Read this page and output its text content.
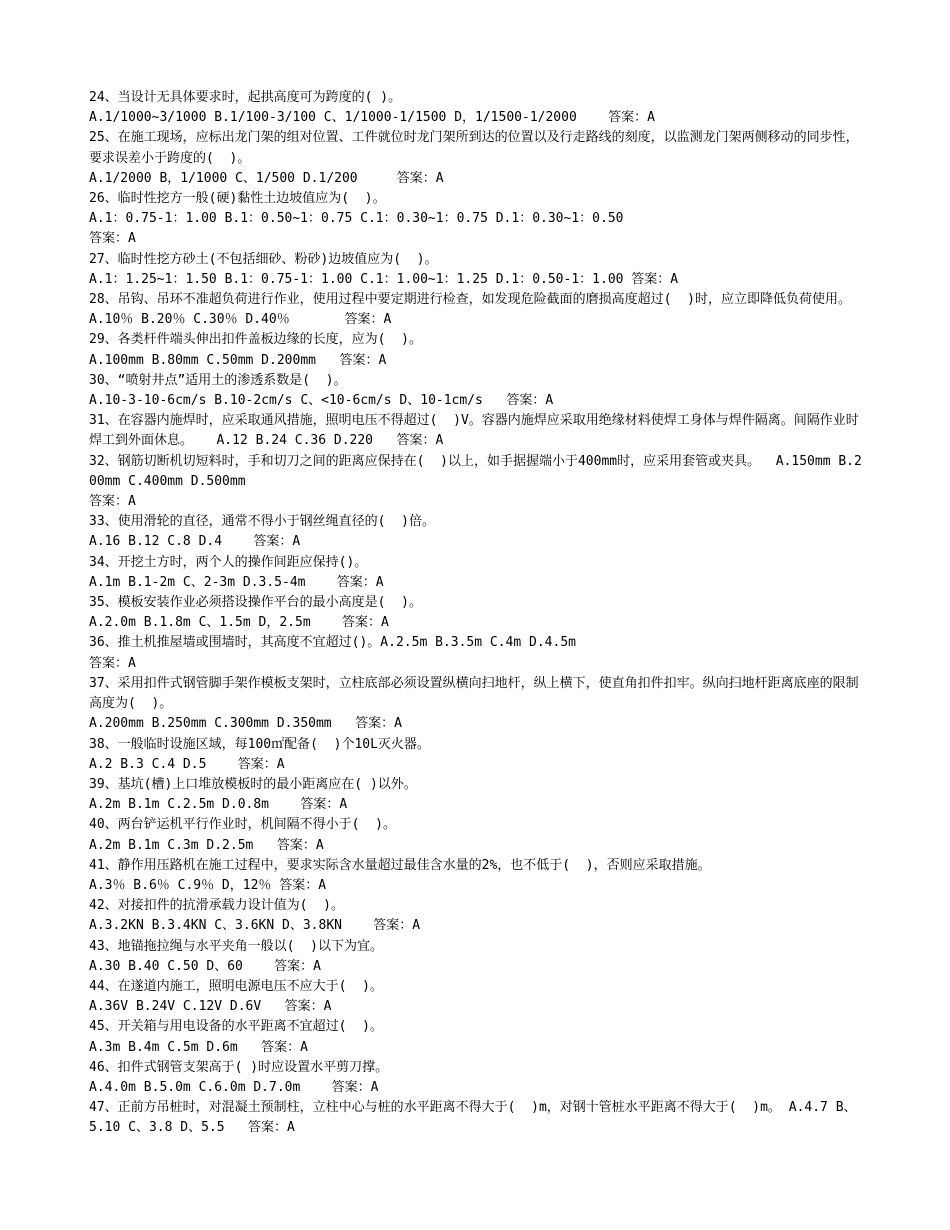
24、当设计无具体要求时，起拱高度可为跨度的( )。

A.1/1000~3/1000 B.1/100-3/100 C、1/1000-1/1500 D，1/1500-1/2000    答案：A

25、在施工现场，应标出龙门架的组对位置、工件就位时龙门架所到达的位置以及行走路线的刻度，以监测龙门架两侧移动的同步性，要求误差小于跨度的(  )。

A.1/2000 B，1/1000 C、1/500 D.1/200     答案：A

26、临时性挖方一般(硬)黏性土边坡值应为(  )。

A.1：0.75-1：1.00 B.1：0.50~1：0.75 C.1：0.30~1：0.75 D.1：0.30~1：0.50

答案：A

27、临时性挖方砂土(不包括细砂、粉砂)边坡值应为(  )。

A.1：1.25~1：1.50 B.1：0.75-1：1.00 C.1：1.00~1：1.25 D.1：0.50-1：1.00 答案：A

28、吊钩、吊环不准超负荷进行作业，使用过程中要定期进行检查，如发现危险截面的磨损高度超过(  )时，应立即降低负荷使用。 A.10％ B.20％ C.30％ D.40％       答案：A

29、各类杆件端头伸出扣件盖板边缘的长度，应为(  )。

A.100mm B.80mm C.50mm D.200mm   答案：A

30、“喷射井点”适用土的渗透系数是(  )。

A.10-3-10-6cm/s B.10-2cm/s C、<10-6cm/s D、10-1cm/s   答案：A

31、在容器内施焊时，应采取通风措施，照明电压不得超过(  )V。容器内施焊应采取用绝缘材料使焊工身体与焊件隔离。间隔作业时焊工到外面休息。   A.12 B.24 C.36 D.220   答案：A

32、钢筋切断机切短料时，手和切刀之间的距离应保持在(  )以上，如手据握端小于400mm时，应采用套管或夹具。  A.150mm B.200mm C.400mm D.500mm

答案：A

33、使用滑轮的直径，通常不得小于钢丝绳直径的(  )倍。

A.16 B.12 C.8 D.4    答案：A

34、开挖土方时，两个人的操作间距应保持()。

A.1m B.1-2m C、2-3m D.3.5-4m    答案：A

35、模板安装作业必须搭设操作平台的最小高度是(  )。

A.2.0m B.1.8m C、1.5m D，2.5m    答案：A

36、推土机推屋墙或围墙时，其高度不宜超过()。A.2.5m B.3.5m C.4m D.4.5m

答案：A

37、采用扣件式钢管脚手架作模板支架时，立柱底部必须设置纵横向扫地杆，纵上横下，使直角扣件扣牢。纵向扫地杆距离底座的限制高度为(  )。

A.200mm B.250mm C.300mm D.350mm   答案：A

38、一般临时设施区域，每100㎡配备(  )个10L灭火器。

A.2 B.3 C.4 D.5    答案：A

39、基坑(槽)上口堆放模板时的最小距离应在( )以外。

A.2m B.1m C.2.5m D.0.8m    答案：A

40、两台铲运机平行作业时，机间隔不得小于(  )。

A.2m B.1m C.3m D.2.5m   答案：A

41、静作用压路机在施工过程中，要求实际含水量超过最佳含水量的2%，也不低于(  )，否则应采取措施。

A.3％ B.6％ C.9％ D，12％ 答案：A

42、对接扣件的抗滑承载力设计值为(  )。

A.3.2KN B.3.4KN C、3.6KN D、3.8KN    答案：A

43、地锚拖拉绳与水平夹角一般以(  )以下为宜。

A.30 B.40 C.50 D、60    答案：A

44、在遂道内施工，照明电源电压不应大于(  )。

A.36V B.24V C.12V D.6V   答案：A

45、开关箱与用电设备的水平距离不宜超过(  )。

A.3m B.4m C.5m D.6m   答案：A

46、扣件式钢管支架高于( )时应设置水平剪刀撑。

A.4.0m B.5.0m C.6.0m D.7.0m    答案：A

47、正前方吊桩时，对混凝土预制柱，立柱中心与桩的水平距离不得大于(  )m，对钢十管桩水平距离不得大于(  )m。 A.4.7 B、5.10 C、3.8 D、5.5   答案：A
